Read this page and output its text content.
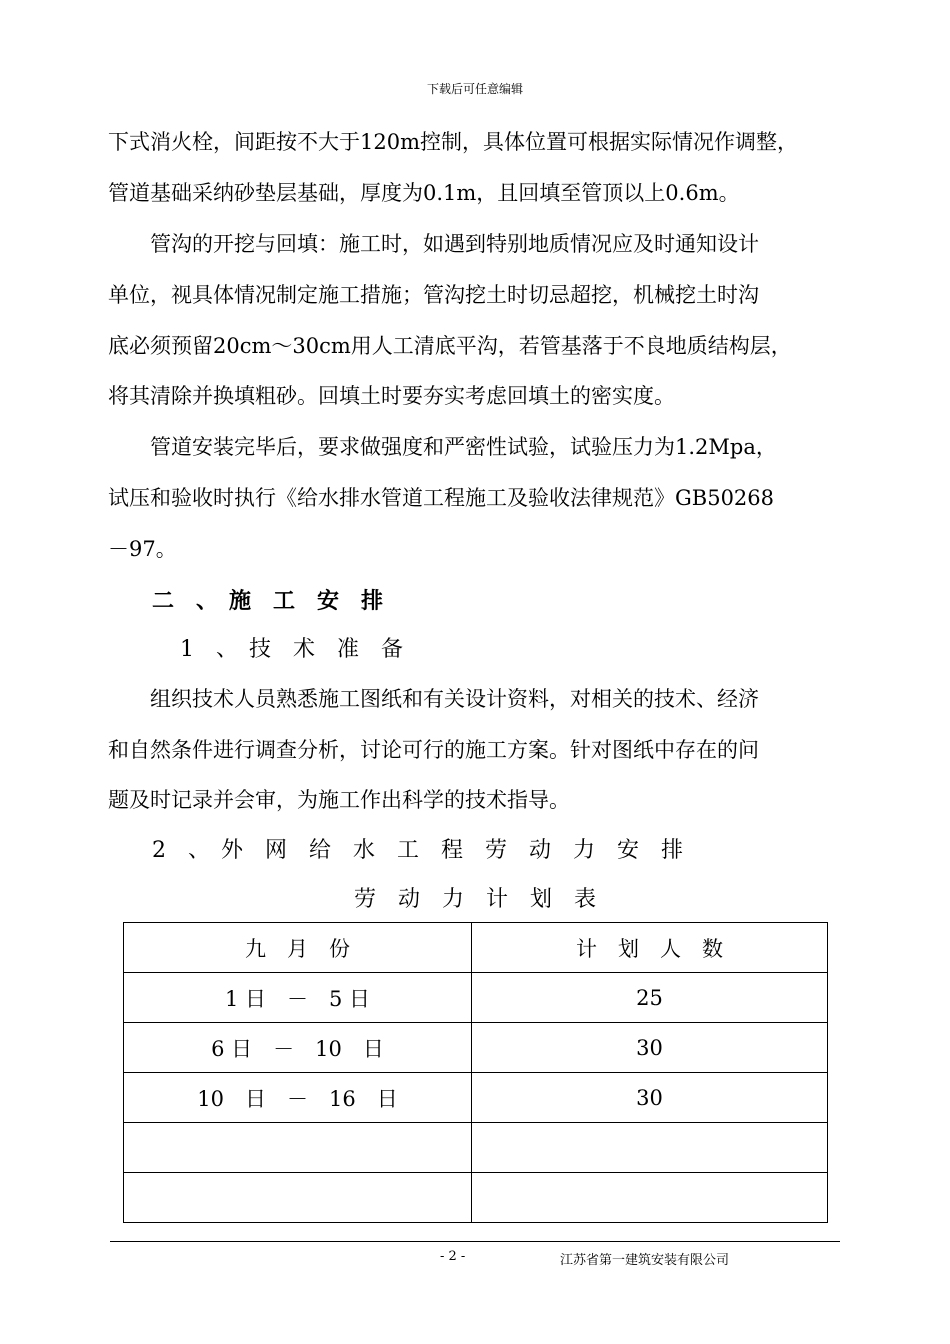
下载后可任意编辑
下式消火栓，间距按不大于120m控制，具体位置可根据实际情况作调整，
管道基础采纳砂垫层基础，厚度为0.1m，且回填至管顶以上0.6m。
　　管沟的开挖与回填：施工时，如遇到特别地质情况应及时通知设计
单位，视具体情况制定施工措施；管沟挖土时切忌超挖，机械挖土时沟
底必须预留20cm～30cm用人工清底平沟，若管基落于不良地质结构层，
将其清除并换填粗砂。回填土时要夯实考虑回填土的密实度。
　　管道安装完毕后，要求做强度和严密性试验，试验压力为1.2Mpa，
试压和验收时执行《给水排水管道工程施工及验收法律规范》GB50268
－97。
二　、　施　工　安　排
1　、　技　术　准　备
　　组织技术人员熟悉施工图纸和有关设计资料，对相关的技术、经济
和自然条件进行调查分析，讨论可行的施工方案。针对图纸中存在的问
题及时记录并会审，为施工作出科学的技术指导。
2　、　外　网　给　水　工　程　劳　动　力　安　排
劳　动　力　计　划　表
九　月　份	计　划　人　数
1 日　－　5 日	25
6 日　－　10　日	30
10　日　－　16　日	30

- 2 -	江苏省第一建筑安装有限公司
